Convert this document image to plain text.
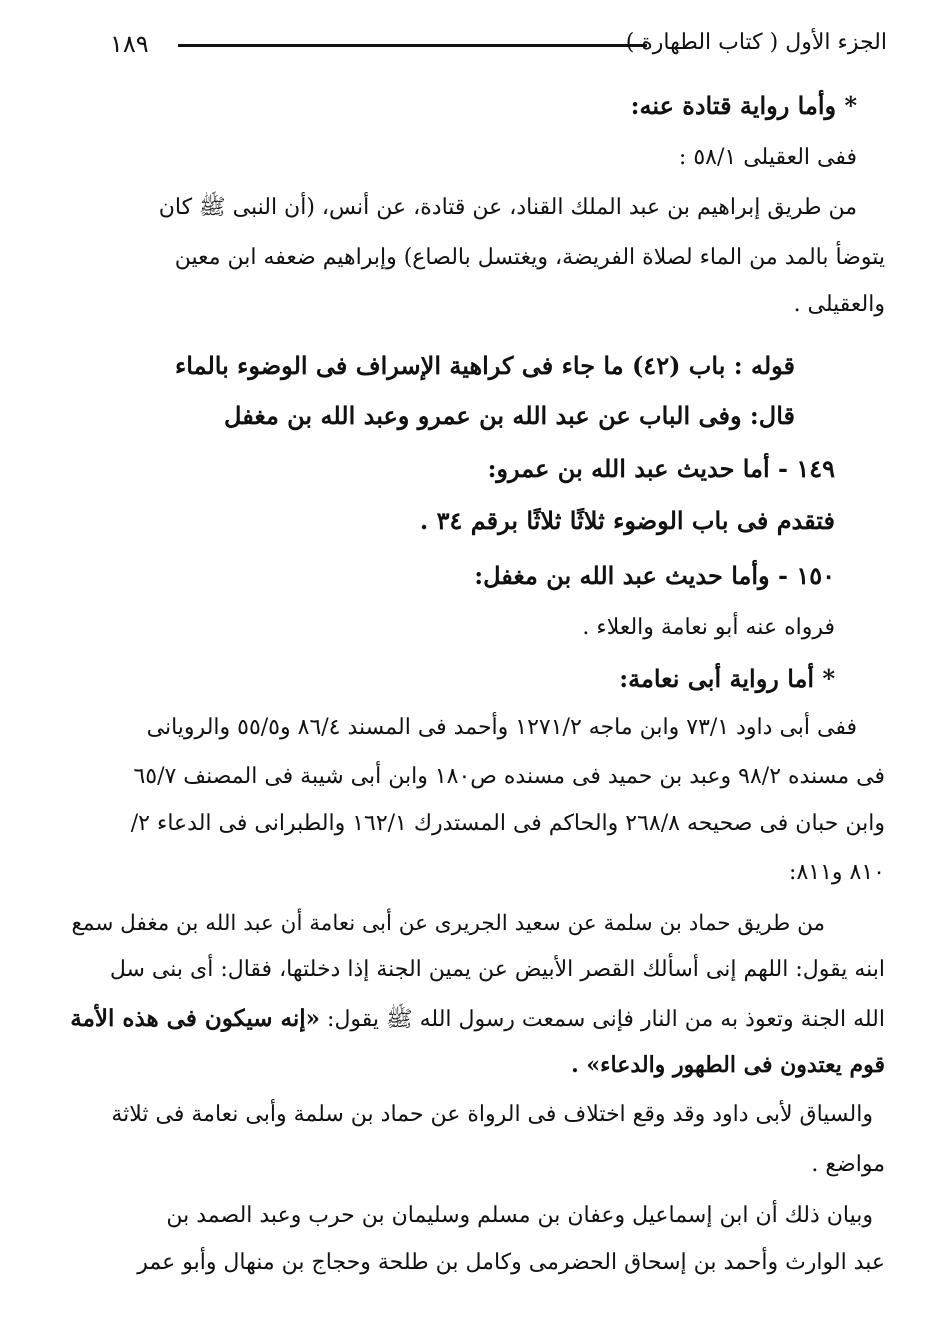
الجزء الأول ( كتاب الطهارة )
١٨٩
* وأما رواية قتادة عنه:
ففى العقيلى ٥٨/١ :
من طريق إبراهيم بن عبد الملك القناد، عن قتادة، عن أنس، (أن النبى ﷺ كان
يتوضأ بالمد من الماء لصلاة الفريضة، ويغتسل بالصاع) وإبراهيم ضعفه ابن معين
والعقيلى .
قوله : باب (٤٢) ما جاء فى كراهية الإسراف فى الوضوء بالماء
قال: وفى الباب عن عبد الله بن عمرو وعبد الله بن مغفل
١٤٩ - أما حديث عبد الله بن عمرو:
فتقدم فى باب الوضوء ثلاثًا ثلاثًا برقم ٣٤ .
١٥٠ - وأما حديث عبد الله بن مغفل:
فرواه عنه أبو نعامة والعلاء .
* أما رواية أبى نعامة:
ففى أبى داود ٧٣/١ وابن ماجه ١٢٧١/٢ وأحمد فى المسند ٨٦/٤ و٥٥/٥ والرويانى
فى مسنده ٩٨/٢ وعبد بن حميد فى مسنده ص١٨٠ وابن أبى شيبة فى المصنف ٦٥/٧
وابن حبان فى صحيحه ٢٦٨/٨ والحاكم فى المستدرك ١٦٢/١ والطبرانى فى الدعاء ٢/
٨١٠ و٨١١:
من طريق حماد بن سلمة عن سعيد الجريرى عن أبى نعامة أن عبد الله بن مغفل سمع
ابنه يقول: اللهم إنى أسألك القصر الأبيض عن يمين الجنة إذا دخلتها، فقال: أى بنى سل
الله الجنة وتعوذ به من النار فإنى سمعت رسول الله ﷺ يقول: «إنه سيكون فى هذه الأمة
قوم يعتدون فى الطهور والدعاء» .
والسياق لأبى داود وقد وقع اختلاف فى الرواة عن حماد بن سلمة وأبى نعامة فى ثلاثة
مواضع .
وبيان ذلك أن ابن إسماعيل وعفان بن مسلم وسليمان بن حرب وعبد الصمد بن
عبد الوارث وأحمد بن إسحاق الحضرمى وكامل بن طلحة وحجاج بن منهال وأبو عمر
